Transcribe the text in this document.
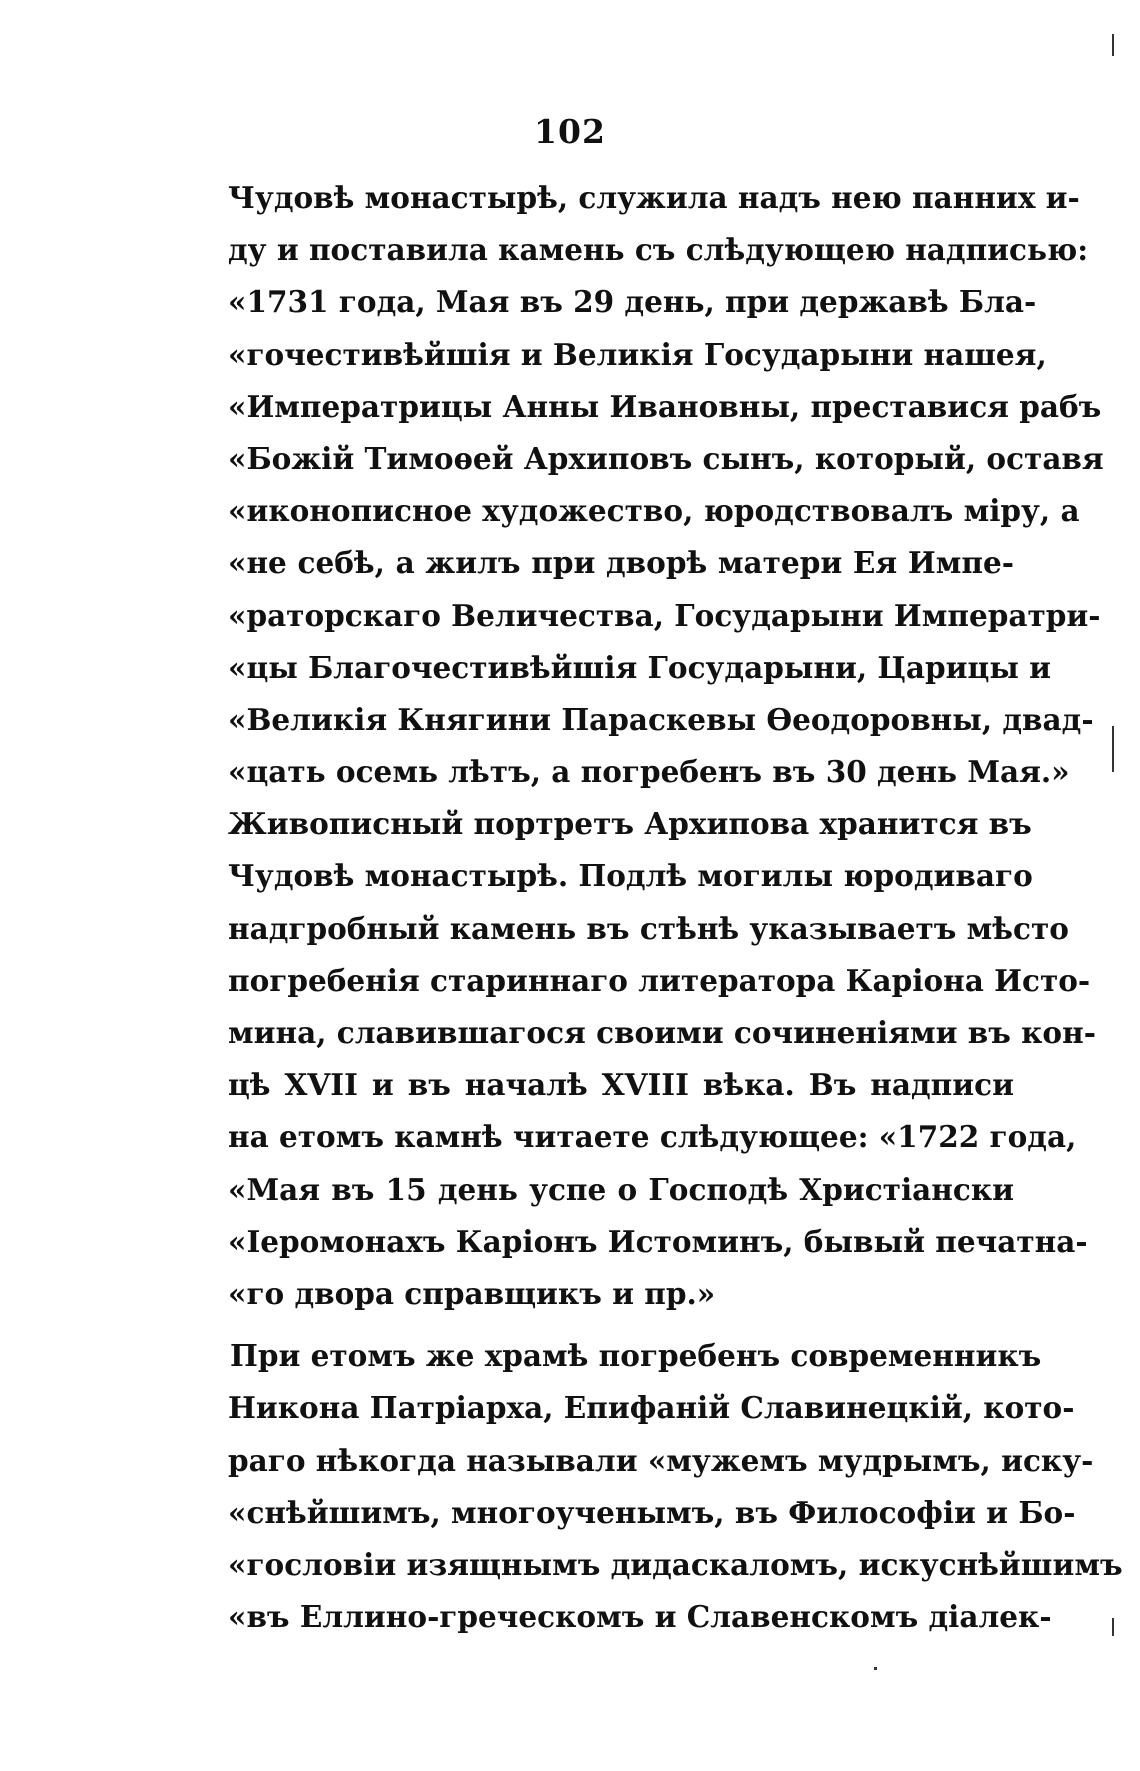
102
Чудовѣ монастырѣ, служила надъ нею панних и-
ду и поставила камень съ слѣдующею надписью:
«1731 года, Мая въ 29 день, при державѣ Бла-
«гочестивѣйшія и Великія Государыни нашея,
«Императрицы Анны Ивановны, преставися рабъ
«Божій Тимоѳей Архиповъ сынъ, который, оставя
«иконописное художество, юродствовалъ міру, а
«не себѣ, а жилъ при дворѣ матери Ея Импе-
«раторскаго Величества, Государыни Императри-
«цы Благочестивѣйшія Государыни, Царицы и
«Великія Княгини Параскевы Ѳеодоровны, двад-
«цать осемь лѣтъ, а погребенъ въ 30 день Мая.»
Живописный портретъ Архипова хранится въ
Чудовѣ монастырѣ. Подлѣ могилы юродиваго
надгробный камень въ стѣнѣ указываетъ мѣсто
погребенія стариннаго литератора Каріона Исто-
мина, славившагося своими сочиненіями въ кон-
цѣ XVII и въ началѣ XVIII вѣка. Въ надписи
на етомъ камнѣ читаете слѣдующее: «1722 года,
«Мая въ 15 день успе о Господѣ Христіански
«Іеромонахъ Каріонъ Истоминъ, бывый печатна-
«го двора справщикъ и пр.»
При етомъ же храмѣ погребенъ современникъ
Никона Патріарха, Епифаній Славинецкій, кото-
раго нѣкогда называли «мужемъ мудрымъ, иску-
«снѣйшимъ, многоученымъ, въ Философіи и Бо-
«гословіи изящнымъ дидаскаломъ, искуснѣйшимъ
«въ Еллино-греческомъ и Славенскомъ діалек-
